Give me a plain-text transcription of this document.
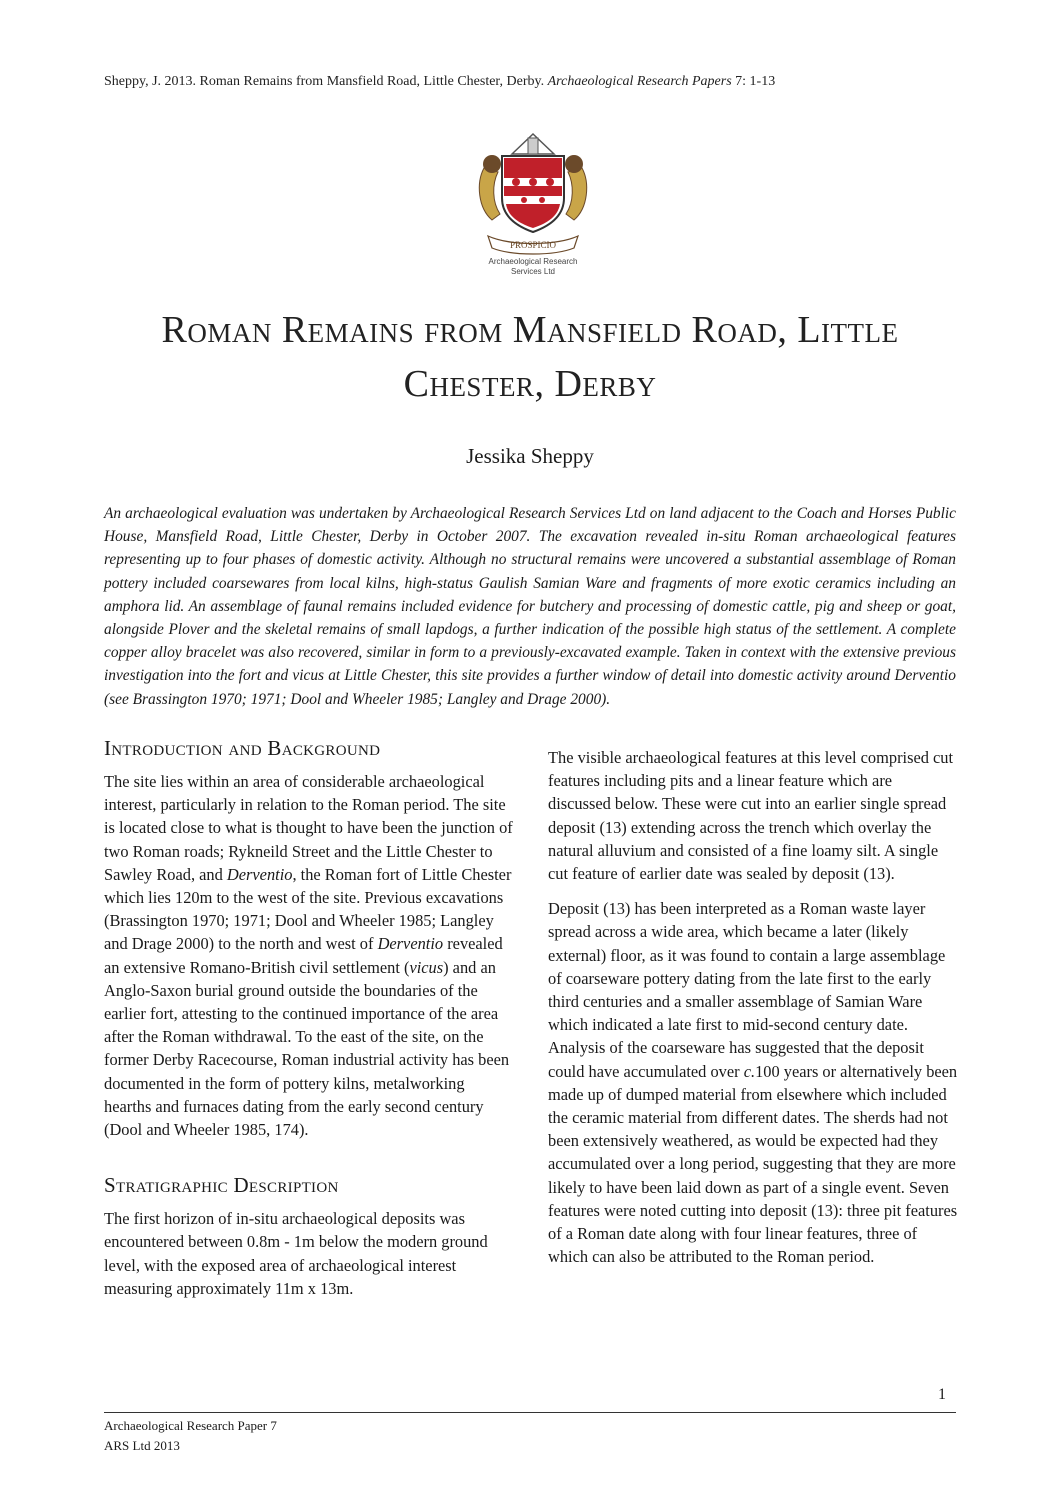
Sheppy, J. 2013. Roman Remains from Mansfield Road, Little Chester, Derby. Archaeological Research Papers 7: 1-13
PROSPICIO
Archaeological Research
Services Ltd
Roman Remains from Mansfield Road, Little Chester, Derby
Jessika Sheppy

An archaeological evaluation was undertaken by Archaeological Research Services Ltd on land adjacent to the Coach and Horses Public House, Mansfield Road, Little Chester, Derby in October 2007. The excavation revealed in-situ Roman archaeological features representing up to four phases of domestic activity. Although no structural remains were uncovered a substantial assemblage of Roman pottery included coarsewares from local kilns, high-status Gaulish Samian Ware and fragments of more exotic ceramics including an amphora lid. An assemblage of faunal remains included evidence for butchery and processing of domestic cattle, pig and sheep or goat, alongside Plover and the skeletal remains of small lapdogs, a further indication of the possible high status of the settlement. A complete copper alloy bracelet was also recovered, similar in form to a previously-excavated example. Taken in context with the extensive previous investigation into the fort and vicus at Little Chester, this site provides a further window of detail into domestic activity around Derventio (see Brassington 1970; 1971; Dool and Wheeler 1985; Langley and Drage 2000).

Introduction and Background

The site lies within an area of considerable archaeological interest, particularly in relation to the Roman period. The site is located close to what is thought to have been the junction of two Roman roads; Rykneild Street and the Little Chester to Sawley Road, and Derventio, the Roman fort of Little Chester which lies 120m to the west of the site. Previous excavations (Brassington 1970; 1971; Dool and Wheeler 1985; Langley and Drage 2000) to the north and west of Derventio revealed an extensive Romano-British civil settlement (vicus) and an Anglo-Saxon burial ground outside the boundaries of the earlier fort, attesting to the continued importance of the area after the Roman withdrawal. To the east of the site, on the former Derby Racecourse, Roman industrial activity has been documented in the form of pottery kilns, metalworking hearths and furnaces dating from the early second century (Dool and Wheeler 1985, 174).

Stratigraphic Description

The first horizon of in-situ archaeological deposits was encountered between 0.8m - 1m below the modern ground level, with the exposed area of archaeological interest measuring approximately 11m x 13m.

The visible archaeological features at this level comprised cut features including pits and a linear feature which are discussed below. These were cut into an earlier single spread deposit (13) extending across the trench which overlay the natural alluvium and consisted of a fine loamy silt. A single cut feature of earlier date was sealed by deposit (13).

Deposit (13) has been interpreted as a Roman waste layer spread across a wide area, which became a later (likely external) floor, as it was found to contain a large assemblage of coarseware pottery dating from the late first to the early third centuries and a smaller assemblage of Samian Ware which indicated a late first to mid-second century date. Analysis of the coarseware has suggested that the deposit could have accumulated over c.100 years or alternatively been made up of dumped material from elsewhere which included the ceramic material from different dates. The sherds had not been extensively weathered, as would be expected had they accumulated over a long period, suggesting that they are more likely to have been laid down as part of a single event. Seven features were noted cutting into deposit (13): three pit features of a Roman date along with four linear features, three of which can also be attributed to the Roman period.

1
Archaeological Research Paper 7
ARS Ltd 2013
